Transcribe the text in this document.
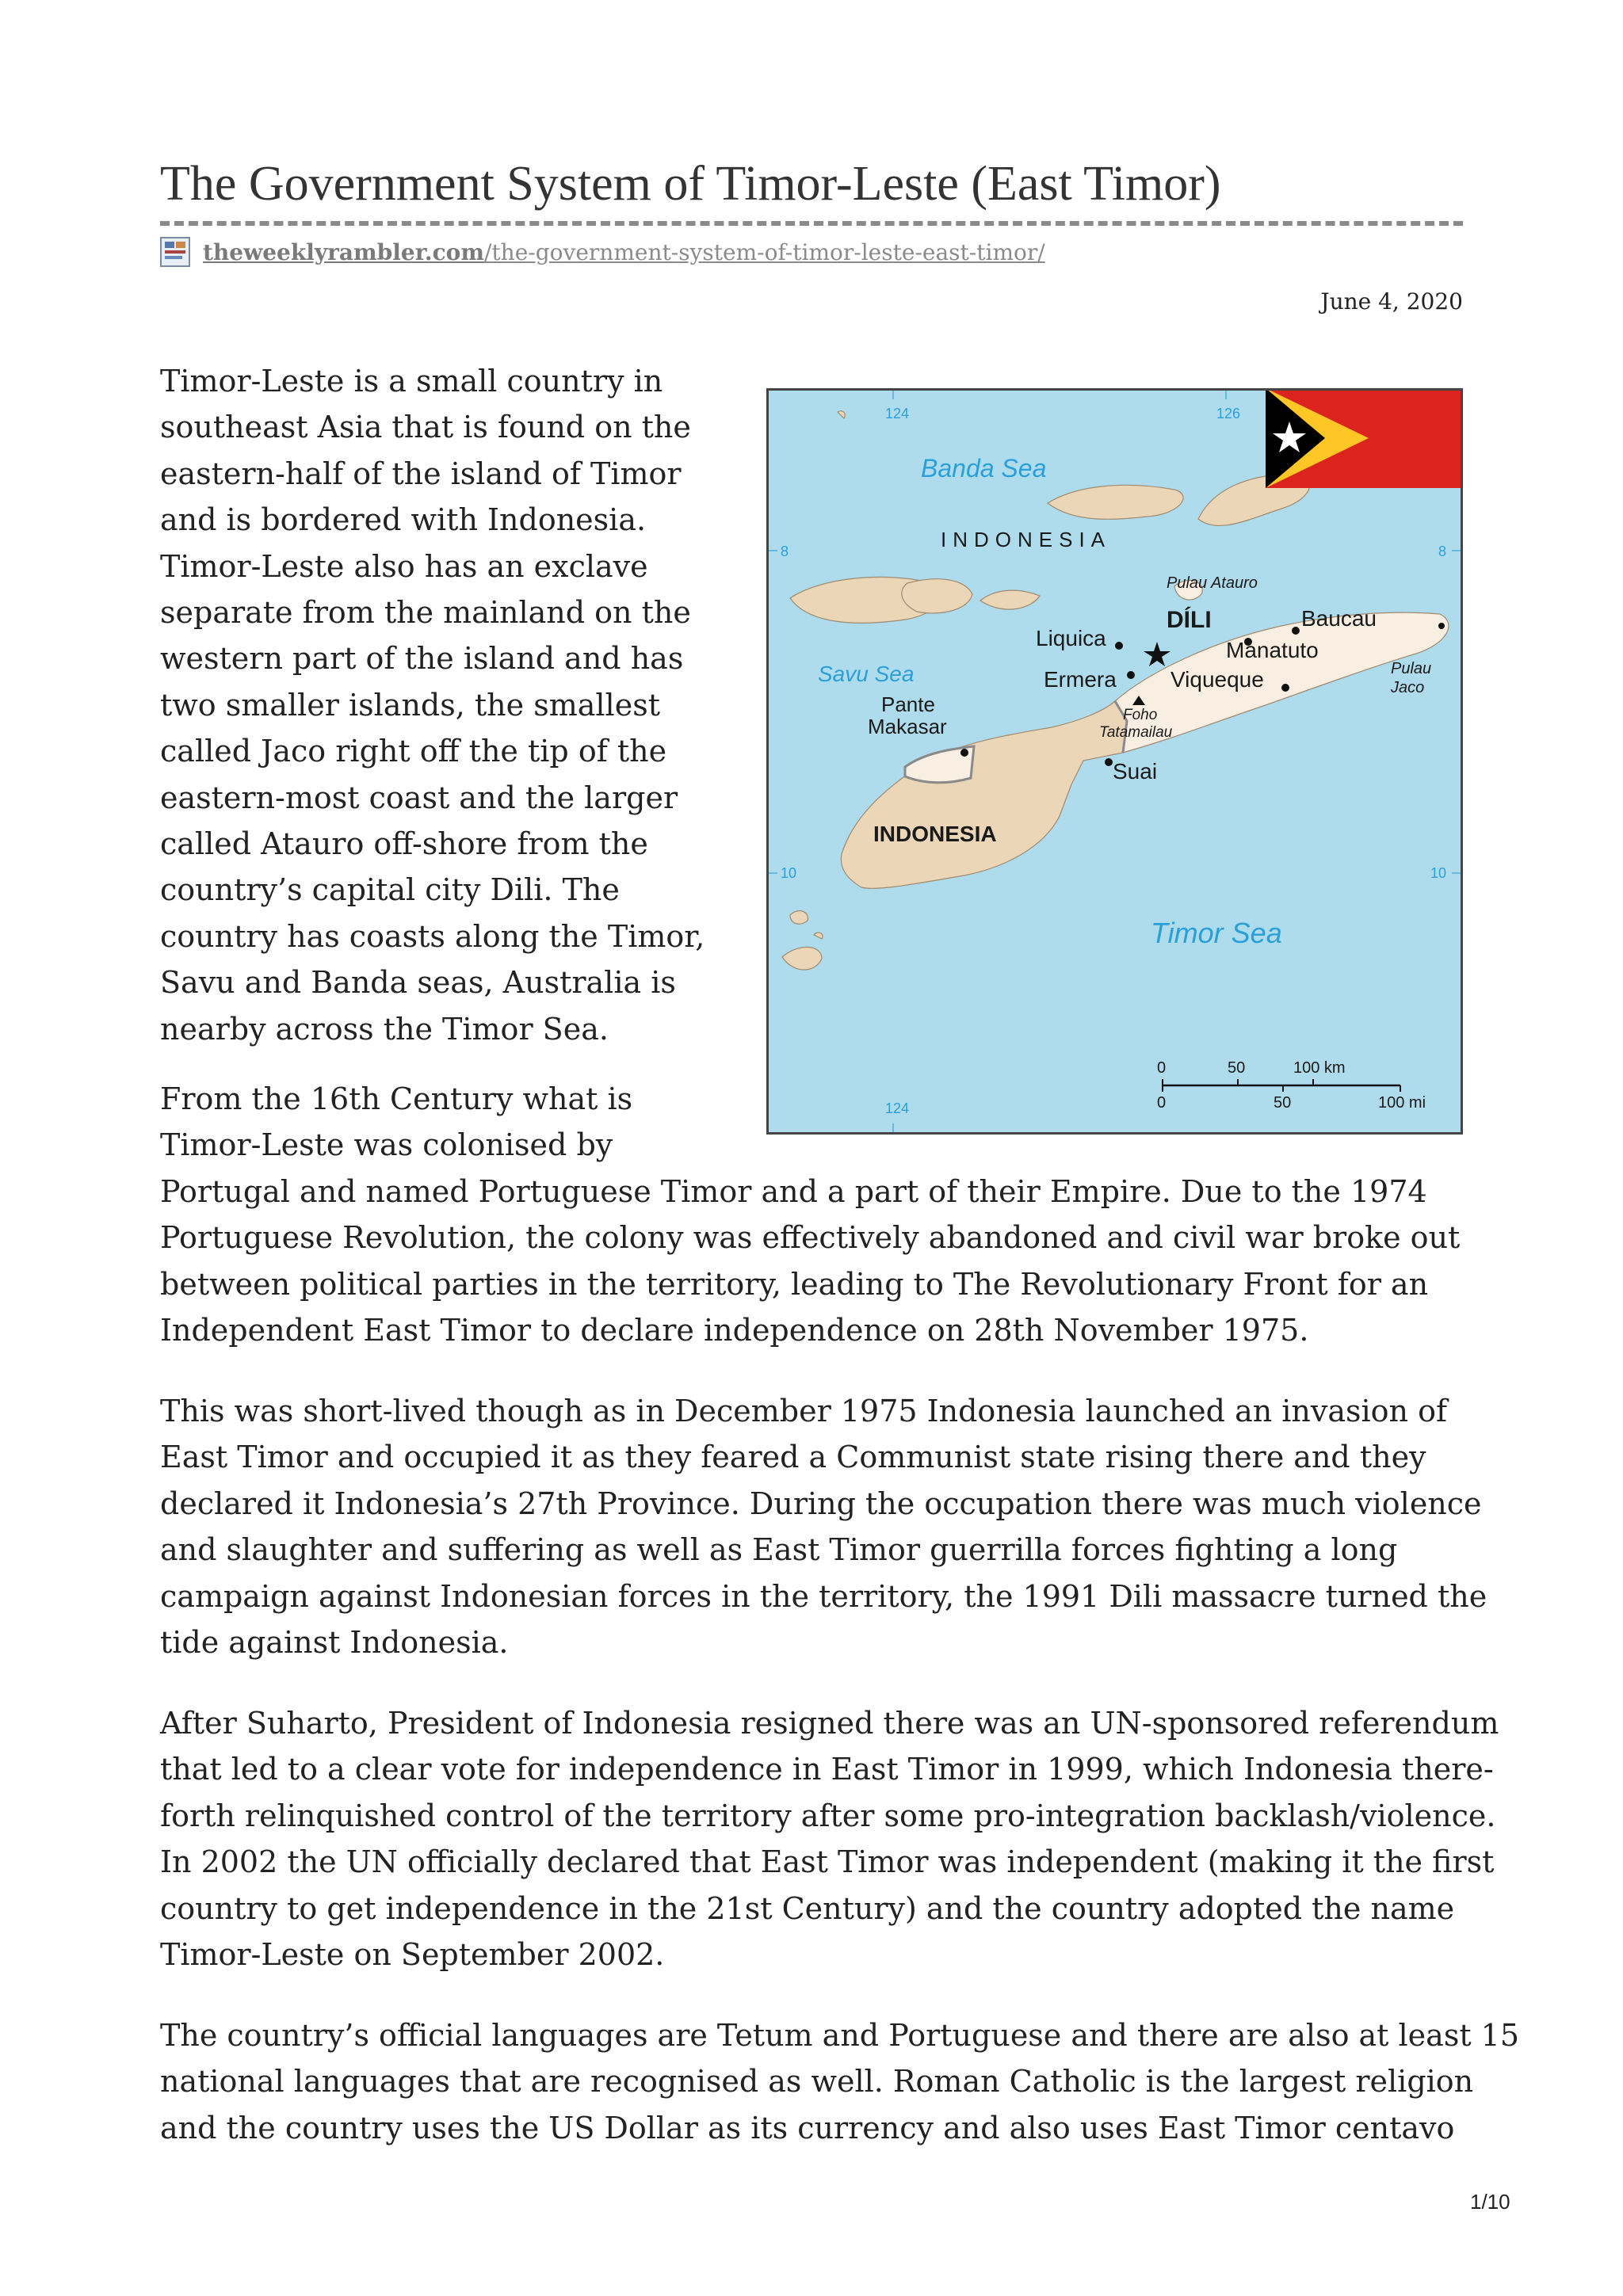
The Government System of Timor-Leste (East Timor)
theweeklyrambler.com /the-government-system-of-timor-leste-east-timor/
June 4, 2020

Timor-Leste is a small country in
southeast Asia that is found on the
eastern-half of the island of Timor
and is bordered with Indonesia.
Timor-Leste also has an exclave
separate from the mainland on the
western part of the island and has
two smaller islands, the smallest
called Jaco right off the tip of the
eastern-most coast and the larger
called Atauro off-shore from the
country’s capital city Dili. The
country has coasts along the Timor,
Savu and Banda seas, Australia is
nearby across the Timor Sea.

From the 16th Century what is
Timor-Leste was colonised by
Portugal and named Portuguese Timor and a part of their Empire. Due to the 1974
Portuguese Revolution, the colony was effectively abandoned and civil war broke out
between political parties in the territory, leading to The Revolutionary Front for an
Independent East Timor to declare independence on 28th November 1975.

This was short-lived though as in December 1975 Indonesia launched an invasion of
East Timor and occupied it as they feared a Communist state rising there and they
declared it Indonesia’s 27th Province. During the occupation there was much violence
and slaughter and suffering as well as East Timor guerrilla forces fighting a long
campaign against Indonesian forces in the territory, the 1991 Dili massacre turned the
tide against Indonesia.

After Suharto, President of Indonesia resigned there was an UN-sponsored referendum
that led to a clear vote for independence in East Timor in 1999, which Indonesia there-
forth relinquished control of the territory after some pro-integration backlash/violence.
In 2002 the UN officially declared that East Timor was independent (making it the first
country to get independence in the 21st Century) and the country adopted the name
Timor-Leste on September 2002.

The country’s official languages are Tetum and Portuguese and there are also at least 15
national languages that are recognised as well. Roman Catholic is the largest religion
and the country uses the US Dollar as its currency and also uses East Timor centavo

Banda Sea
Savu Sea
Timor Sea
INDONESIA
INDONESIA
DÍLI
Pulau Atauro
Baucau
Liquica	Manatuto
Ermera Viqueque	Pulau
Jaco
Pante
Makasar	Foho
Tatamailau
Suai
124	126
8	8
10	10
124
0	50	100 km
0	50	100 mi
1/10
